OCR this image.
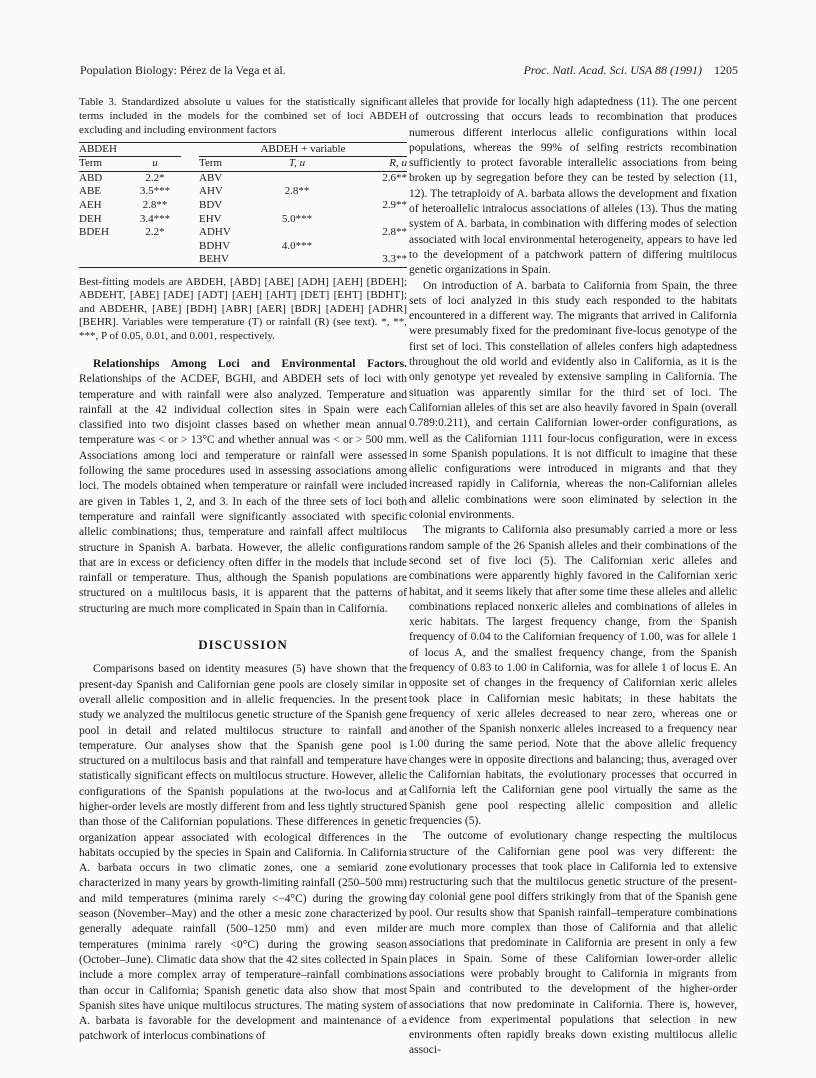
Population Biology: Pérez de la Vega et al.	Proc. Natl. Acad. Sci. USA 88 (1991) 1205

Table 3. Standardized absolute u values for the statistically significant terms included in the models for the combined set of loci ABDEH excluding and including environment factors

ABDEH			ABDEH + variable		
Term	u		Term	T, u	R, u
ABD	2.2*		ABV		2.6**
ABE	3.5***		AHV	2.8**	
AEH	2.8**		BDV		2.9**
DEH	3.4***		EHV	5.0***	
BDEH	2.2*		ADHV		2.8**
			BDHV	4.0***	
			BEHV		3.3**

Best-fitting models are ABDEH, [ABD] [ABE] [ADH] [AEH] [BDEH]; ABDEHT, [ABE] [ADE] [ADT] [AEH] [AHT] [DET] [EHT] [BDHT]; and ABDEHR, [ABE] [BDH] [ABR] [AER] [BDR] [ADEH] [ADHR] [BEHR]. Variables were temperature (T) or rainfall (R) (see text). *, **, ***, P of 0.05, 0.01, and 0.001, respectively.

Relationships Among Loci and Environmental Factors. Relationships of the ACDEF, BGHI, and ABDEH sets of loci with temperature and with rainfall were also analyzed. Temperature and rainfall at the 42 individual collection sites in Spain were each classified into two disjoint classes based on whether mean annual temperature was < or > 13°C and whether annual was < or > 500 mm. Associations among loci and temperature or rainfall were assessed following the same procedures used in assessing associations among loci. The models obtained when temperature or rainfall were included are given in Tables 1, 2, and 3. In each of the three sets of loci both temperature and rainfall were significantly associated with specific allelic combinations; thus, temperature and rainfall affect multilocus structure in Spanish A. barbata. However, the allelic configurations that are in excess or deficiency often differ in the models that include rainfall or temperature. Thus, although the Spanish populations are structured on a multilocus basis, it is apparent that the patterns of structuring are much more complicated in Spain than in California.

DISCUSSION

Comparisons based on identity measures (5) have shown that the present-day Spanish and Californian gene pools are closely similar in overall allelic composition and in allelic frequencies. In the present study we analyzed the multilocus genetic structure of the Spanish gene pool in detail and related multilocus structure to rainfall and temperature. Our analyses show that the Spanish gene pool is structured on a multilocus basis and that rainfall and temperature have statistically significant effects on multilocus structure. However, allelic configurations of the Spanish populations at the two-locus and at higher-order levels are mostly different from and less tightly structured than those of the Californian populations. These differences in genetic organization appear associated with ecological differences in the habitats occupied by the species in Spain and California. In California A. barbata occurs in two climatic zones, one a semiarid zone characterized in many years by growth-limiting rainfall (250–500 mm) and mild temperatures (minima rarely <−4°C) during the growing season (November–May) and the other a mesic zone characterized by generally adequate rainfall (500–1250 mm) and even milder temperatures (minima rarely <0°C) during the growing season (October–June). Climatic data show that the 42 sites collected in Spain include a more complex array of temperature–rainfall combinations than occur in California; Spanish genetic data also show that most Spanish sites have unique multilocus structures. The mating system of A. barbata is favorable for the development and maintenance of a patchwork of interlocus combinations of

alleles that provide for locally high adaptedness (11). The one percent of outcrossing that occurs leads to recombination that produces numerous different interlocus allelic configurations within local populations, whereas the 99% of selfing restricts recombination sufficiently to protect favorable interallelic associations from being broken up by segregation before they can be tested by selection (11, 12). The tetraploidy of A. barbata allows the development and fixation of heteroallelic intralocus associations of alleles (13). Thus the mating system of A. barbata, in combination with differing modes of selection associated with local environmental heterogeneity, appears to have led to the development of a patchwork pattern of differing multilocus genetic organizations in Spain.

On introduction of A. barbata to California from Spain, the three sets of loci analyzed in this study each responded to the habitats encountered in a different way. The migrants that arrived in California were presumably fixed for the predominant five-locus genotype of the first set of loci. This constellation of alleles confers high adaptedness throughout the old world and evidently also in California, as it is the only genotype yet revealed by extensive sampling in California. The situation was apparently similar for the third set of loci. The Californian alleles of this set are also heavily favored in Spain (overall 0.789:0.211), and certain Californian lower-order configurations, as well as the Californian 1111 four-locus configuration, were in excess in some Spanish populations. It is not difficult to imagine that these allelic configurations were introduced in migrants and that they increased rapidly in California, whereas the non-Californian alleles and allelic combinations were soon eliminated by selection in the colonial environments.

The migrants to California also presumably carried a more or less random sample of the 26 Spanish alleles and their combinations of the second set of five loci (5). The Californian xeric alleles and combinations were apparently highly favored in the Californian xeric habitat, and it seems likely that after some time these alleles and allelic combinations replaced nonxeric alleles and combinations of alleles in xeric habitats. The largest frequency change, from the Spanish frequency of 0.04 to the Californian frequency of 1.00, was for allele 1 of locus A, and the smallest frequency change, from the Spanish frequency of 0.83 to 1.00 in California, was for allele 1 of locus E. An opposite set of changes in the frequency of Californian xeric alleles took place in Californian mesic habitats; in these habitats the frequency of xeric alleles decreased to near zero, whereas one or another of the Spanish nonxeric alleles increased to a frequency near 1.00 during the same period. Note that the above allelic frequency changes were in opposite directions and balancing; thus, averaged over the Californian habitats, the evolutionary processes that occurred in California left the Californian gene pool virtually the same as the Spanish gene pool respecting allelic composition and allelic frequencies (5).

The outcome of evolutionary change respecting the multilocus structure of the Californian gene pool was very different: the evolutionary processes that took place in California led to extensive restructuring such that the multilocus genetic structure of the present-day colonial gene pool differs strikingly from that of the Spanish gene pool. Our results show that Spanish rainfall–temperature combinations are much more complex than those of California and that allelic associations that predominate in California are present in only a few places in Spain. Some of these Californian lower-order allelic associations were probably brought to California in migrants from Spain and contributed to the development of the higher-order associations that now predominate in California. There is, however, evidence from experimental populations that selection in new environments often rapidly breaks down existing multilocus allelic associ-
